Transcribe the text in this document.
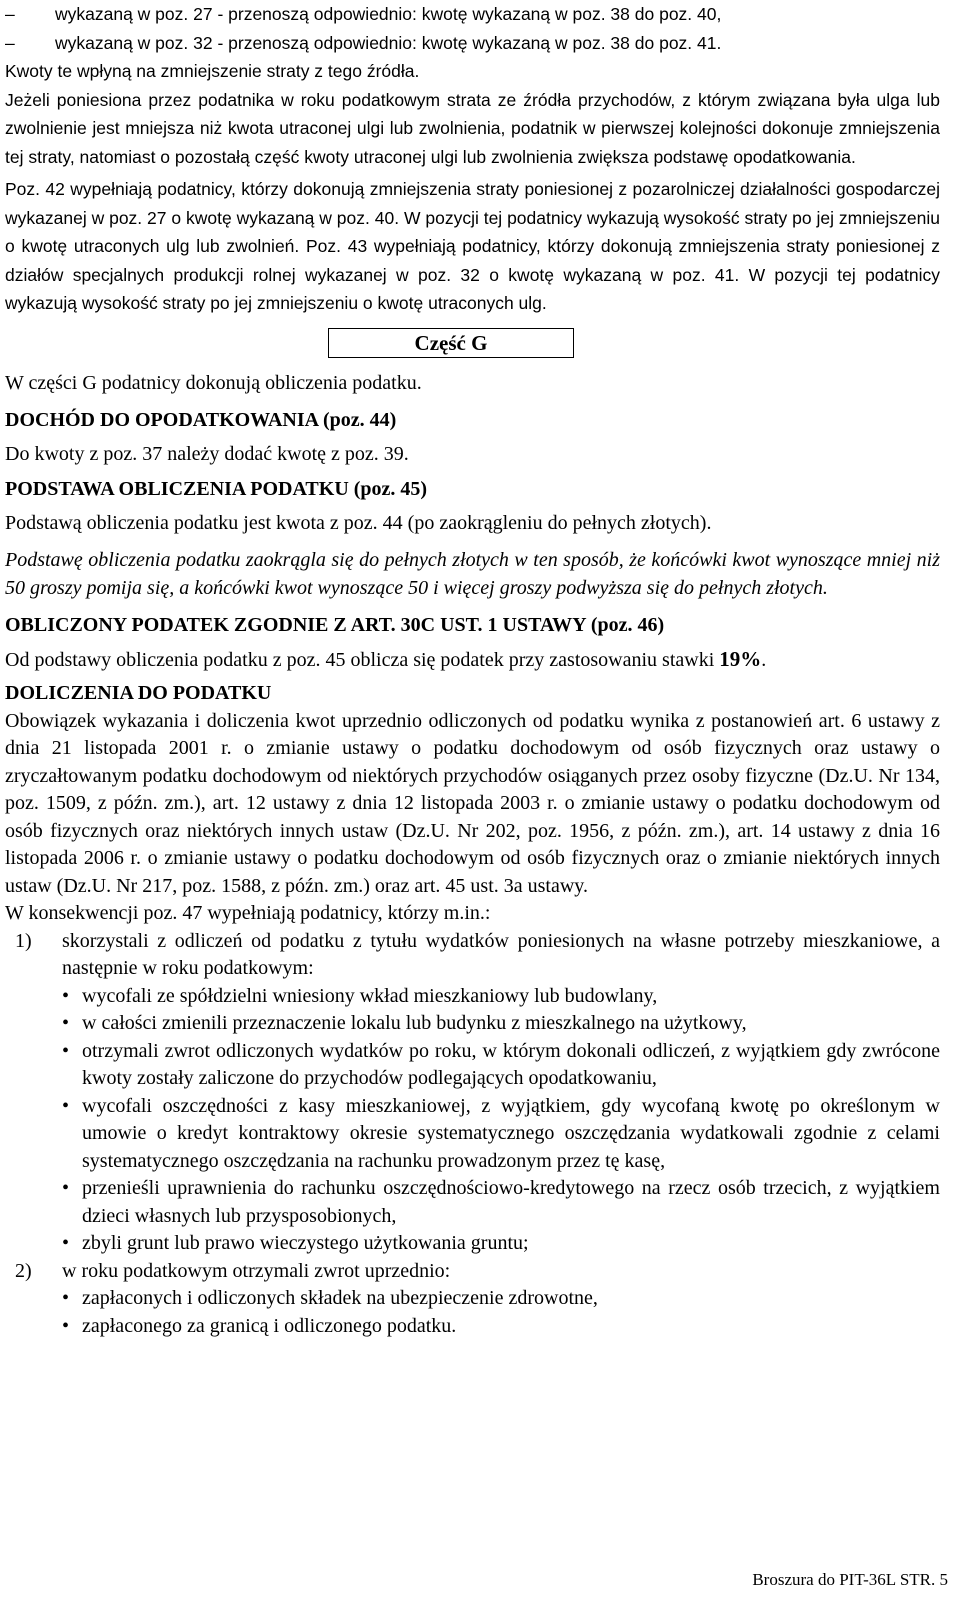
–	wykazaną w poz. 27 - przenoszą odpowiednio: kwotę wykazaną w poz. 38 do poz. 40,
–	wykazaną w poz. 32 - przenoszą odpowiednio: kwotę wykazaną w poz. 38 do poz. 41.

Kwoty te wpłyną na zmniejszenie straty z tego źródła.

Jeżeli poniesiona przez podatnika w roku podatkowym strata ze źródła przychodów, z którym związana była ulga lub zwolnienie jest mniejsza niż kwota utraconej ulgi lub zwolnienia, podatnik w pierwszej kolejności dokonuje zmniejszenia tej straty, natomiast o pozostałą część kwoty utraconej ulgi lub zwolnienia zwiększa podstawę opodatkowania.

Poz. 42 wypełniają podatnicy, którzy dokonują zmniejszenia straty poniesionej z pozarolniczej działalności gospodarczej wykazanej w poz. 27 o kwotę wykazaną w poz. 40. W pozycji tej podatnicy wykazują wysokość straty po jej zmniejszeniu o kwotę utraconych ulg lub zwolnień. Poz. 43 wypełniają podatnicy, którzy dokonują zmniejszenia straty poniesionej z działów specjalnych produkcji rolnej wykazanej w poz. 32 o kwotę wykazaną w poz. 41. W pozycji tej podatnicy wykazują wysokość straty po jej zmniejszeniu o kwotę utraconych ulg.

Część G

W części G podatnicy dokonują obliczenia podatku.

DOCHÓD DO OPODATKOWANIA (poz. 44)

Do kwoty z poz. 37 należy dodać kwotę z poz. 39.

PODSTAWA OBLICZENIA PODATKU (poz. 45)

Podstawą obliczenia podatku jest kwota z poz. 44 (po zaokrągleniu do pełnych złotych).

Podstawę obliczenia podatku zaokrągla się do pełnych złotych w ten sposób, że końcówki kwot wynoszące mniej niż 50 groszy pomija się, a końcówki kwot wynoszące 50 i więcej groszy podwyższa się do pełnych złotych.

OBLICZONY PODATEK ZGODNIE Z ART. 30C UST. 1 USTAWY (poz. 46)

Od podstawy obliczenia podatku z poz. 45 oblicza się podatek przy zastosowaniu stawki 19%.

DOLICZENIA DO PODATKU

Obowiązek wykazania i doliczenia kwot uprzednio odliczonych od podatku wynika z postanowień art. 6 ustawy z dnia 21 listopada 2001 r. o zmianie ustawy o podatku dochodowym od osób fizycznych oraz ustawy o zryczałtowanym podatku dochodowym od niektórych przychodów osiąganych przez osoby fizyczne (Dz.U. Nr 134, poz. 1509, z późn. zm.), art. 12 ustawy z dnia 12 listopada 2003 r. o zmianie ustawy o podatku dochodowym od osób fizycznych oraz niektórych innych ustaw (Dz.U. Nr 202, poz. 1956, z późn. zm.), art. 14 ustawy z dnia 16 listopada 2006 r. o zmianie ustawy o podatku dochodowym od osób fizycznych oraz o zmianie niektórych innych ustaw (Dz.U. Nr 217, poz. 1588, z późn. zm.) oraz art. 45 ust. 3a ustawy.

W konsekwencji poz. 47 wypełniają podatnicy, którzy m.in.:

1)	skorzystali z odliczeń od podatku z tytułu wydatków poniesionych na własne potrzeby mieszkaniowe, a następnie w roku podatkowym:

• wycofali ze spółdzielni wniesiony wkład mieszkaniowy lub budowlany,
• w całości zmienili przeznaczenie lokalu lub budynku z mieszkalnego na użytkowy,
• otrzymali zwrot odliczonych wydatków po roku, w którym dokonali odliczeń, z wyjątkiem gdy zwrócone kwoty zostały zaliczone do przychodów podlegających opodatkowaniu,
• wycofali oszczędności z kasy mieszkaniowej, z wyjątkiem, gdy wycofaną kwotę po określonym w umowie o kredyt kontraktowy okresie systematycznego oszczędzania wydatkowali zgodnie z celami systematycznego oszczędzania na rachunku prowadzonym przez tę kasę,
• przenieśli uprawnienia do rachunku oszczędnościowo-kredytowego na rzecz osób trzecich, z wyjątkiem dzieci własnych lub przysposobionych,
• zbyli grunt lub prawo wieczystego użytkowania gruntu;
2)	w roku podatkowym otrzymali zwrot uprzednio:

• zapłaconych i odliczonych składek na ubezpieczenie zdrowotne,
• zapłaconego za granicą i odliczonego podatku.
Broszura do PIT-36L STR. 5
